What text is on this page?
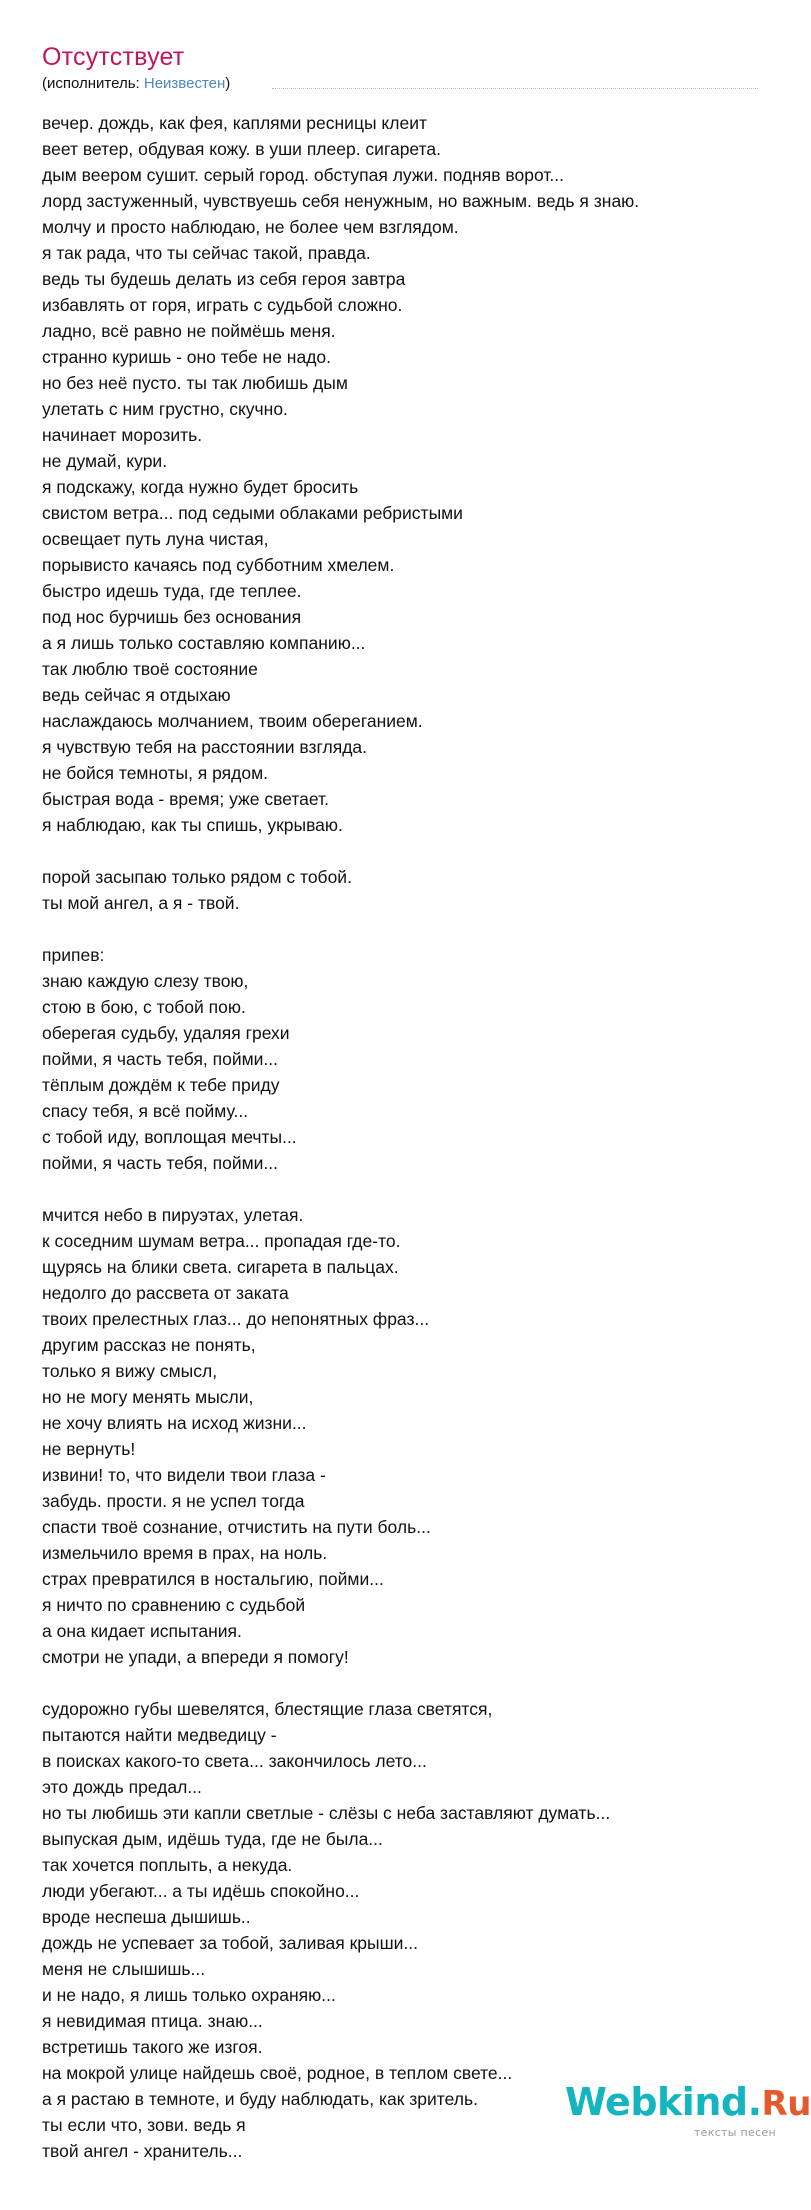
Отсутствует
(исполнитель: Неизвестен)
вечер. дождь, как фея, каплями ресницы клеит
веет ветер, обдувая кожу. в уши плеер. сигарета.
дым веером сушит. серый город. обступая лужи. подняв ворот...
лорд застуженный, чувствуешь себя ненужным, но важным. ведь я знаю.
молчу и просто наблюдаю, не более чем взглядом.
я так рада, что ты сейчас такой, правда.
ведь ты будешь делать из себя героя завтра
избавлять от горя, играть с судьбой сложно.
ладно, всё равно не поймёшь меня.
странно куришь - оно тебе не надо.
но без неё пусто. ты так любишь дым
улетать с ним грустно, скучно.
начинает морозить.
не думай, кури.
я подскажу, когда нужно будет бросить
свистом ветра... под седыми облаками ребристыми
освещает путь луна чистая,
порывисто качаясь под субботним хмелем.
быстро идешь туда, где теплее.
под нос бурчишь без основания
а я лишь только составляю компанию...
так люблю твоё состояние
ведь сейчас я отдыхаю
наслаждаюсь молчанием, твоим обереганием.
я чувствую тебя на расстоянии взгляда.
не бойся темноты, я рядом.
быстрая вода - время; уже светает.
я наблюдаю, как ты спишь, укрываю.
порой засыпаю только рядом с тобой.
ты мой ангел, а я - твой.
припев:
знаю каждую слезу твою,
стою в бою, с тобой пою.
оберегая судьбу, удаляя грехи
пойми, я часть тебя, пойми...
тёплым дождём к тебе приду
спасу тебя, я всё пойму...
с тобой иду, воплощая мечты...
пойми, я часть тебя, пойми...
мчится небо в пируэтах, улетая.
к соседним шумам ветра... пропадая где-то.
щурясь на блики света. сигарета в пальцах.
недолго до рассвета от заката
твоих прелестных глаз... до непонятных фраз...
другим рассказ не понять,
только я вижу смысл,
но не могу менять мысли,
не хочу влиять на исход жизни...
не вернуть!
извини! то, что видели твои глаза -
забудь. прости. я не успел тогда
спасти твоё сознание, отчистить на пути боль...
измельчило время в прах, на ноль.
страх превратился в ностальгию, пойми...
я ничто по сравнению с судьбой
а она кидает испытания.
смотри не упади, а впереди я помогу!
судорожно губы шевелятся, блестящие глаза светятся,
пытаются найти медведицу -
в поисках какого-то света... закончилось лето...
это дождь предал...
но ты любишь эти капли светлые - слёзы с неба заставляют думать...
выпуская дым, идёшь туда, где не была...
так хочется поплыть, а некуда.
люди убегают... а ты идёшь спокойно...
вроде неспеша дышишь..
дождь не успевает за тобой, заливая крыши...
меня не слышишь...
и не надо, я лишь только охраняю...
я невидимая птица. знаю...
встретишь такого же изгоя.
на мокрой улице найдешь своё, родное, в теплом свете...
а я растаю в темноте, и буду наблюдать, как зритель.
ты если что, зови. ведь я
твой ангел - хранитель...
Webkind.Ru
тексты песен
